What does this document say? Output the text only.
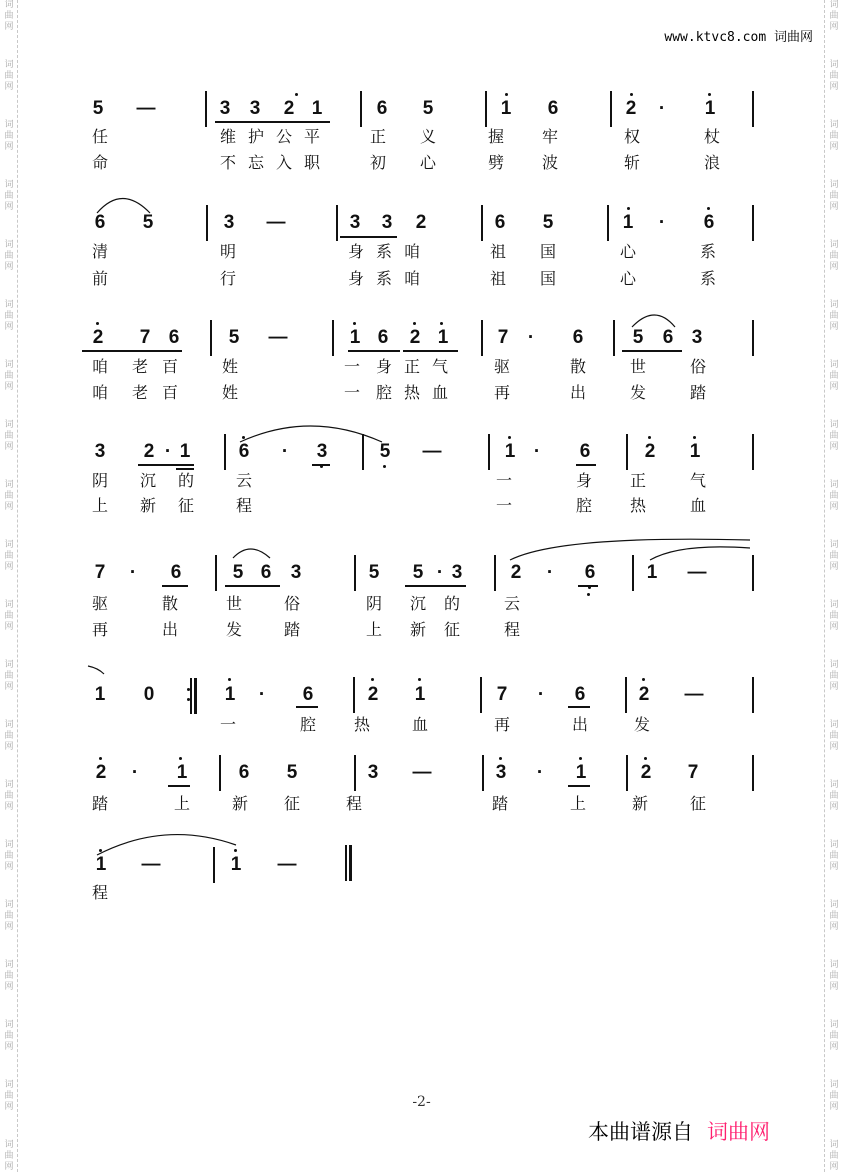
词
曲
网
词
曲
网
词
曲
网
词
曲
网
词
曲
网
词
曲
网
词
曲
网
词
曲
网
词
曲
网
词
曲
网
词
曲
网
词
曲
网
词
曲
网
词
曲
网
词
曲
网
词
曲
网
词
曲
网
词
曲
网
词
曲
网
词
曲
网
词
曲
网
词
曲
网
词
曲
网
词
曲
网
词
曲
网
词
曲
网
词
曲
网
词
曲
网
词
曲
网
词
曲
网
词
曲
网
词
曲
网
词
曲
网
词
曲
网
词
曲
网
词
曲
网
词
曲
网
词
曲
网
词
曲
网
词
曲
网
www.ktvc8.com 词曲网
5 —	3 3 2 1	6 5	1 6	2	·	1
6 5	3 —	3 3 2	6 5	1	·	6
2 7 6	5 —	1 6 2 1	7	·	6	5 6 3
3 2 · 1	6	·	3	5 —	1 ·	6	2 1
7	·	6	5 6 3	5 5 · 3	2	·	6	1 —
1 0	1	·	6	2 1	7	·	6	2 —
2	·	1	6 5	3 —	3	·	1	2 7
1 —	1 —
任	维 护 公 平	正 义	握 牢	权	杖
命	不 忘 入 职	初 心	劈 波	斩	浪
清	明	身 系 咱	祖 国	心	系
前	行	身 系 咱	祖 国	心	系
咱 老 百	姓	一 身 正 气	驱	散	世	俗
咱 老 百	姓	一 腔 热 血	再	出	发	踏
阴 沉 的	云	一	身 正	气
上 新 征	程	一	腔 热	血
驱	散	世	俗	阴 沉 的	云
再	出	发	踏	上 新 征	程
一	腔 热	血	再	出	发
踏	上	新 征	程	踏	上	新	征
程
-2-
本曲谱源自 词曲网
